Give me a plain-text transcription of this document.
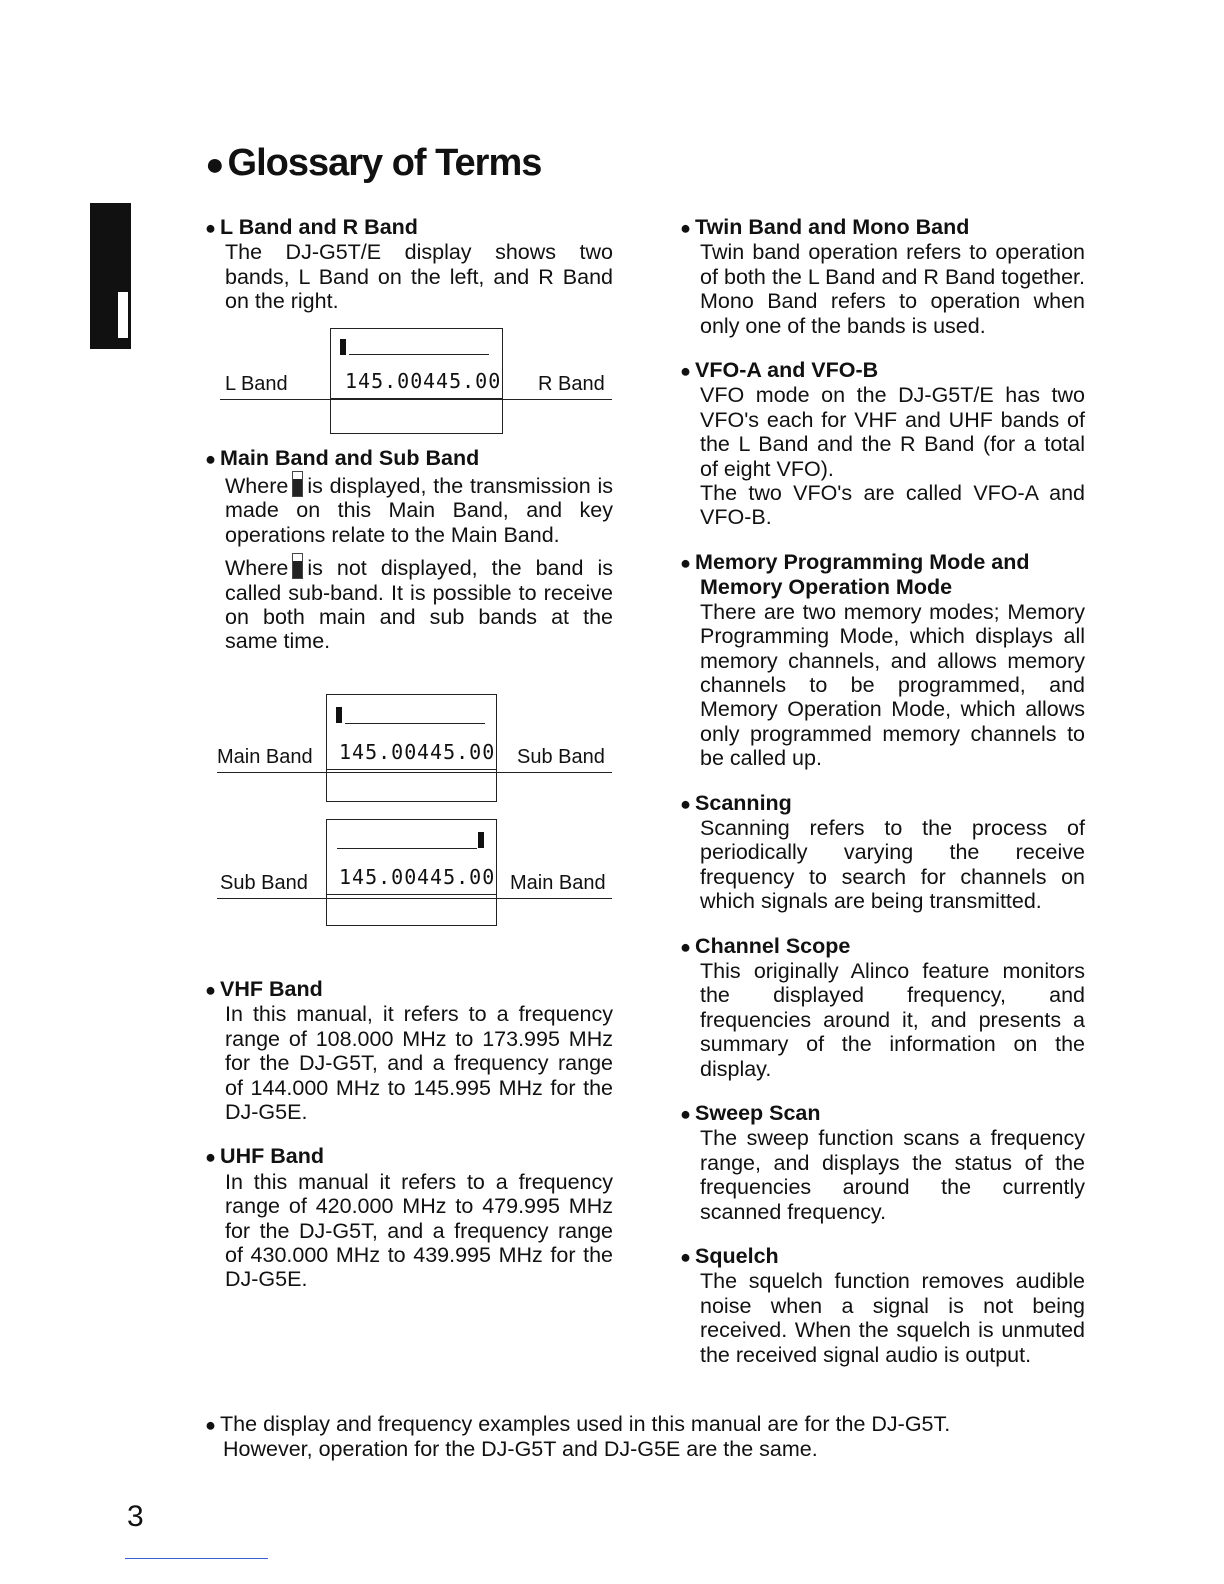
● Glossary of Terms
● L Band and R Band
The DJ-G5T/E display shows two bands, L Band on the left, and R Band on the right.
L Band	R Band
145.00 445.00
● Main Band and Sub Band

Where is displayed, the transmission is made on this Main Band, and key operations relate to the Main Band.

Where is not displayed, the band is called sub-band. It is possible to receive on both main and sub bands at the same time.

Main Band	Sub Band
145.00 445.00
Sub Band	Main Band
145.00 445.00
● VHF Band
In this manual, it refers to a frequency range of 108.000 MHz to 173.995 MHz for the DJ-G5T, and a frequency range of 144.000 MHz to 145.995 MHz for the DJ-G5E.
● UHF Band
In this manual it refers to a frequency range of 420.000 MHz to 479.995 MHz for the DJ-G5T, and a frequency range of 430.000 MHz to 439.995 MHz for the DJ-G5E.
● Twin Band and Mono Band
Twin band operation refers to operation of both the L Band and R Band together. Mono Band refers to operation when only one of the bands is used.
● VFO-A and VFO-B

VFO mode on the DJ-G5T/E has two VFO's each for VHF and UHF bands of the L Band and the R Band (for a total of eight VFO).

The two VFO's are called VFO-A and VFO-B.

● Memory Programming Mode and Memory Operation Mode
There are two memory modes; Memory Programming Mode, which displays all memory channels, and allows memory channels to be programmed, and Memory Operation Mode, which allows only programmed memory channels to be called up.
● Scanning
Scanning refers to the process of periodically varying the receive frequency to search for channels on which signals are being transmitted.
● Channel Scope
This originally Alinco feature monitors the displayed frequency, and frequencies around it, and presents a summary of the information on the display.
● Sweep Scan
The sweep function scans a frequency range, and displays the status of the frequencies around the currently scanned frequency.
● Squelch
The squelch function removes audible noise when a signal is not being received. When the squelch is unmuted the received signal audio is output.
● The display and frequency examples used in this manual are for the DJ-G5T.
However, operation for the DJ-G5T and DJ-G5E are the same.
3
